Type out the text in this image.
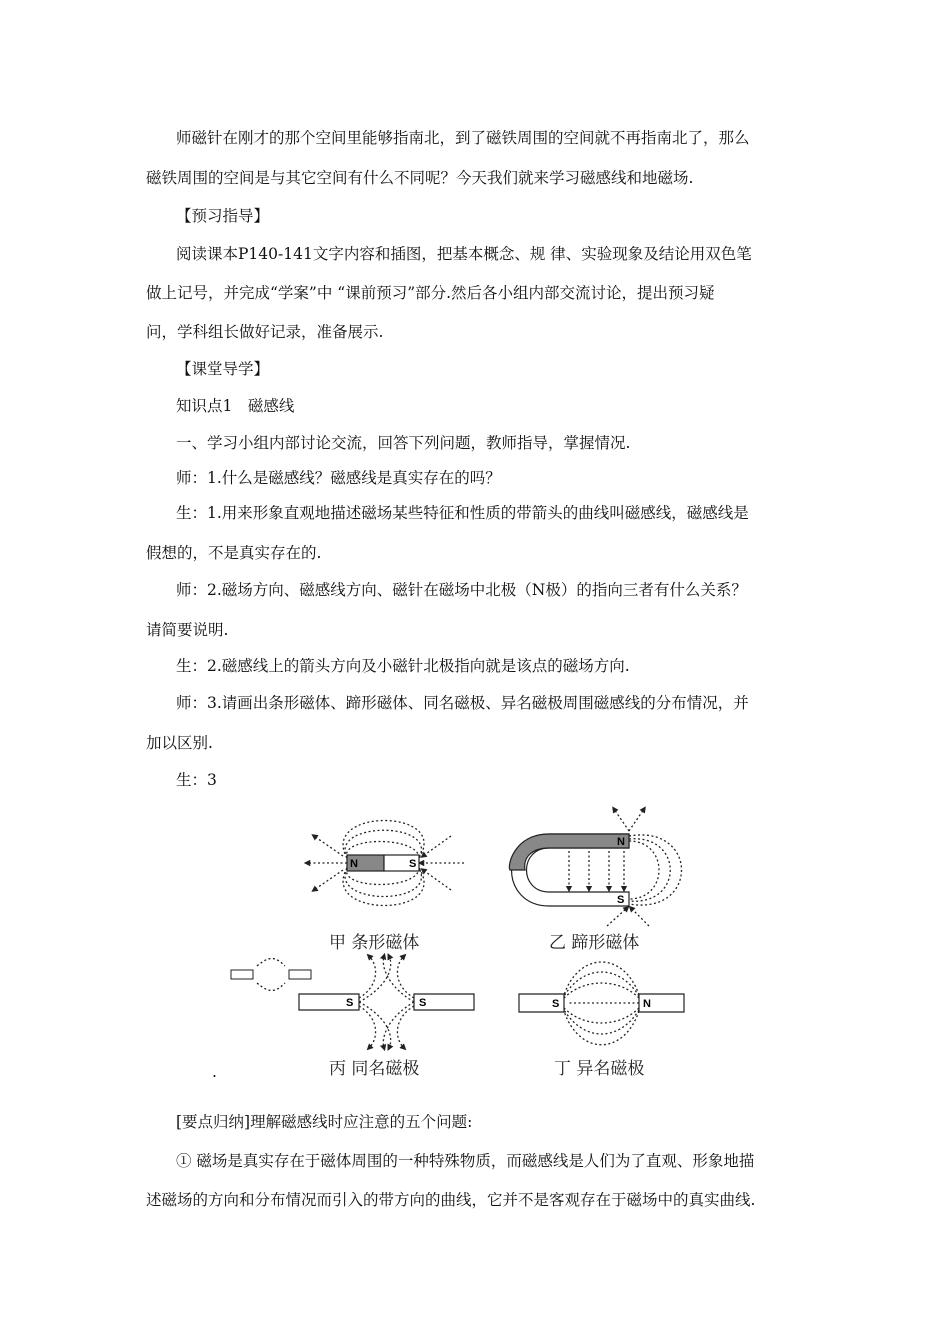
师磁针在刚才的那个空间里能够指南北，到了磁铁周围的空间就不再指南北了，那么
磁铁周围的空间是与其它空间有什么不同呢？今天我们就来学习磁感线和地磁场.
【预习指导】
阅读课本P140-141文字内容和插图，把基本概念、规 律、实验现象及结论用双色笔
做上记号，并完成“学案”中 “课前预习”部分.然后各小组内部交流讨论，提出预习疑
问，学科组长做好记录，准备展示.
【课堂导学】
知识点1　磁感线
一、学习小组内部讨论交流，回答下列问题，教师指导，掌握情况.
师：1.什么是磁感线？磁感线是真实存在的吗？
生：1.用来形象直观地描述磁场某些特征和性质的带箭头的曲线叫磁感线，磁感线是
假想的，不是真实存在的.
师：2.磁场方向、磁感线方向、磁针在磁场中北极（N极）的指向三者有什么关系？
请简要说明.
生：2.磁感线上的箭头方向及小磁针北极指向就是该点的磁场方向.
师：3.请画出条形磁体、蹄形磁体、同名磁极、异名磁极周围磁感线的分布情况，并
加以区别.
生：3
N	S
甲 条形磁体
N
S
乙 蹄形磁体
S	S
丙 同名磁极
S	N
丁 异名磁极
.
[要点归纳]理解磁感线时应注意的五个问题:
① 磁场是真实存在于磁体周围的一种特殊物质，而磁感线是人们为了直观、形象地描
述磁场的方向和分布情况而引入的带方向的曲线，它并不是客观存在于磁场中的真实曲线.
